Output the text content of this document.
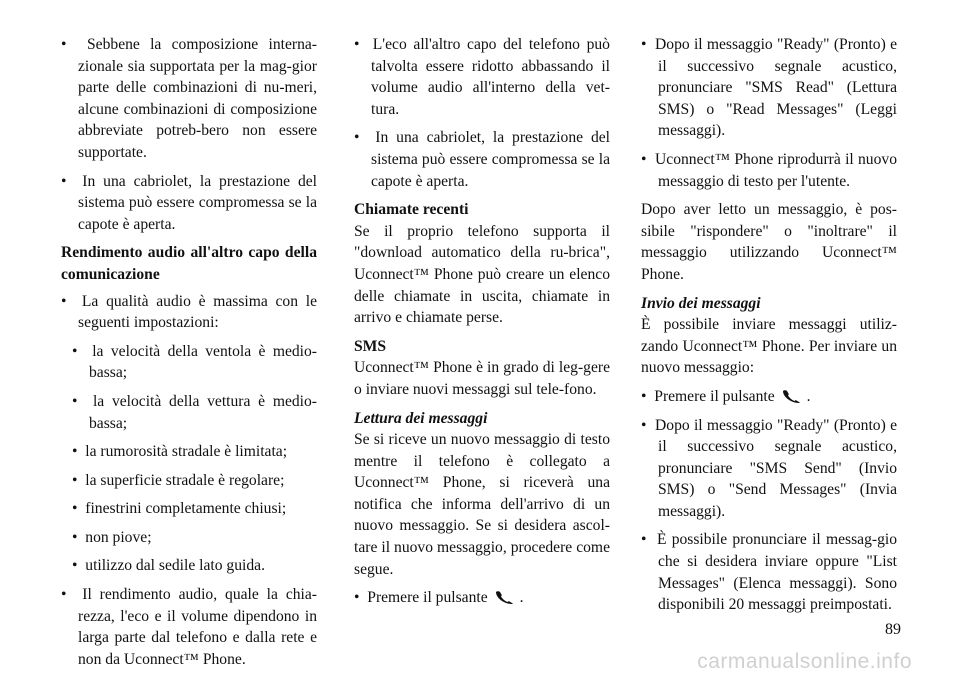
•  Sebbene la composizione interna-zionale sia supportata per la mag-gior parte delle combinazioni di nu-meri, alcune combinazioni di composizione abbreviate potreb-bero non essere supportate.
•  In una cabriolet, la prestazione del sistema può essere compromessa se la capote è aperta.
Rendimento audio all'altro capo della comunicazione
•  La qualità audio è massima con le seguenti impostazioni:
•  la velocità della ventola è medio-bassa;
•  la velocità della vettura è medio-bassa;
•  la rumorosità stradale è limitata;
•  la superficie stradale è regolare;
•  finestrini completamente chiusi;
•  non piove;
•  utilizzo dal sedile lato guida.
•  Il rendimento audio, quale la chia-rezza, l'eco e il volume dipendono in larga parte dal telefono e dalla rete e non da Uconnect™ Phone.
•  L'eco all'altro capo del telefono può talvolta essere ridotto abbassando il volume audio all'interno della vet-tura.
•  In una cabriolet, la prestazione del sistema può essere compromessa se la capote è aperta.
Chiamate recenti
Se il proprio telefono supporta il "download automatico della ru-brica", Uconnect™ Phone può creare un elenco delle chiamate in uscita, chiamate in arrivo e chiamate perse.
SMS
Uconnect™ Phone è in grado di leg-gere o inviare nuovi messaggi sul tele-fono.
Lettura dei messaggi
Se si riceve un nuovo messaggio di testo mentre il telefono è collegato a Uconnect™ Phone, si riceverà una notifica che informa dell'arrivo di un nuovo messaggio. Se si desidera ascol-tare il nuovo messaggio, procedere come segue.
•  Premere il pulsante .
•  Dopo il messaggio "Ready" (Pronto) e il successivo segnale acustico, pronunciare "SMS Read" (Lettura SMS) o "Read Messages" (Leggi messaggi).
•  Uconnect™ Phone riprodurrà il nuovo messaggio di testo per l'utente.
Dopo aver letto un messaggio, è pos-sibile "rispondere" o "inoltrare" il messaggio utilizzando Uconnect™ Phone.
Invio dei messaggi
È possibile inviare messaggi utiliz-zando Uconnect™ Phone. Per inviare un nuovo messaggio:
•  Premere il pulsante .
•  Dopo il messaggio "Ready" (Pronto) e il successivo segnale acustico, pronunciare "SMS Send" (Invio SMS) o "Send Messages" (Invia messaggi).
•  È possibile pronunciare il messag-gio che si desidera inviare oppure "List Messages" (Elenca messaggi). Sono disponibili 20 messaggi preimpostati.
89
carmanualsonline.info
